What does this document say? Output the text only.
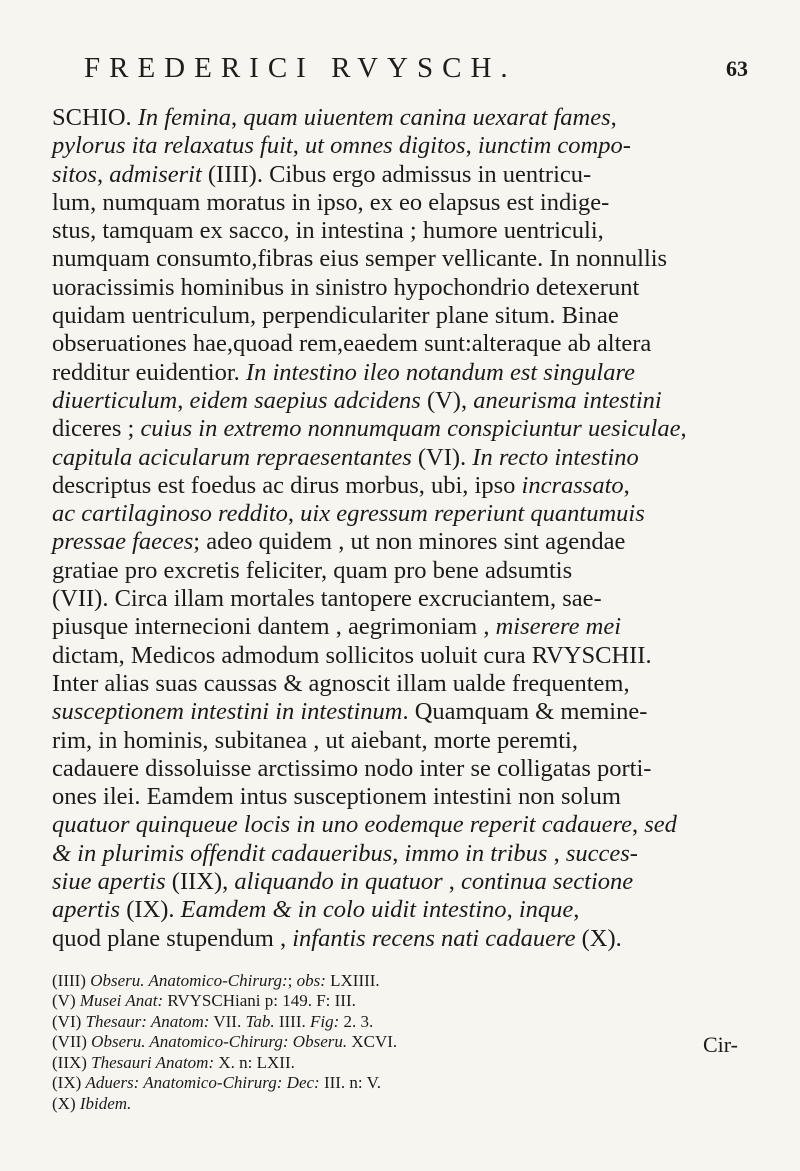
FREDERICI RVYSCH.	63
SCHIO. In femina, quam uiuentem canina uexarat fames,
pylorus ita relaxatus fuit, ut omnes digitos, iunctim compo-
sitos, admiserit (IIII). Cibus ergo admissus in uentricu-
lum, numquam moratus in ipso, ex eo elapsus est indige-
stus, tamquam ex sacco, in intestina ; humore uentriculi,
numquam consumto,fibras eius semper vellicante. In nonnullis
uoracissimis hominibus in sinistro hypochondrio detexerunt
quidam uentriculum, perpendiculariter plane situm. Binae
obseruationes hae,quoad rem,eaedem sunt:alteraque ab altera
redditur euidentior. In intestino ileo notandum est singulare
diuerticulum, eidem saepius adcidens (V), aneurisma intestini
diceres ; cuius in extremo nonnumquam conspiciuntur uesiculae,
capitula acicularum repraesentantes (VI). In recto intestino
descriptus est foedus ac dirus morbus, ubi, ipso incrassato,
ac cartilaginoso reddito, uix egressum reperiunt quantumuis
pressae faeces; adeo quidem , ut non minores sint agendae
gratiae pro excretis feliciter, quam pro bene adsumtis
(VII). Circa illam mortales tantopere excruciantem, sae-
piusque internecioni dantem , aegrimoniam , miserere mei
dictam, Medicos admodum sollicitos uoluit cura RVYSCHII.
Inter alias suas caussas & agnoscit illam ualde frequentem,
susceptionem intestini in intestinum. Quamquam & memine-
rim, in hominis, subitanea , ut aiebant, morte peremti,
cadauere dissoluisse arctissimo nodo inter se colligatas porti-
ones ilei. Eamdem intus susceptionem intestini non solum
quatuor quinqueue locis in uno eodemque reperit cadauere, sed
& in plurimis offendit cadaueribus, immo in tribus , succes-
siue apertis (IIX), aliquando in quatuor , continua sectione
apertis (IX). Eamdem & in colo uidit intestino, inque,
quod plane stupendum , infantis recens nati cadauere (X).
(IIII) Obseru. Anatomico-Chirurg:; obs: LXIIII.
(V) Musei Anat: RVYSCHiani p: 149. F: III.
(VI) Thesaur: Anatom: VII. Tab. IIII. Fig: 2. 3.
(VII) Obseru. Anatomico-Chirurg: Obseru. XCVI.
(IIX) Thesauri Anatom: X. n: LXII.
(IX) Aduers: Anatomico-Chirurg: Dec: III. n: V.
(X) Ibidem.
Cir-
